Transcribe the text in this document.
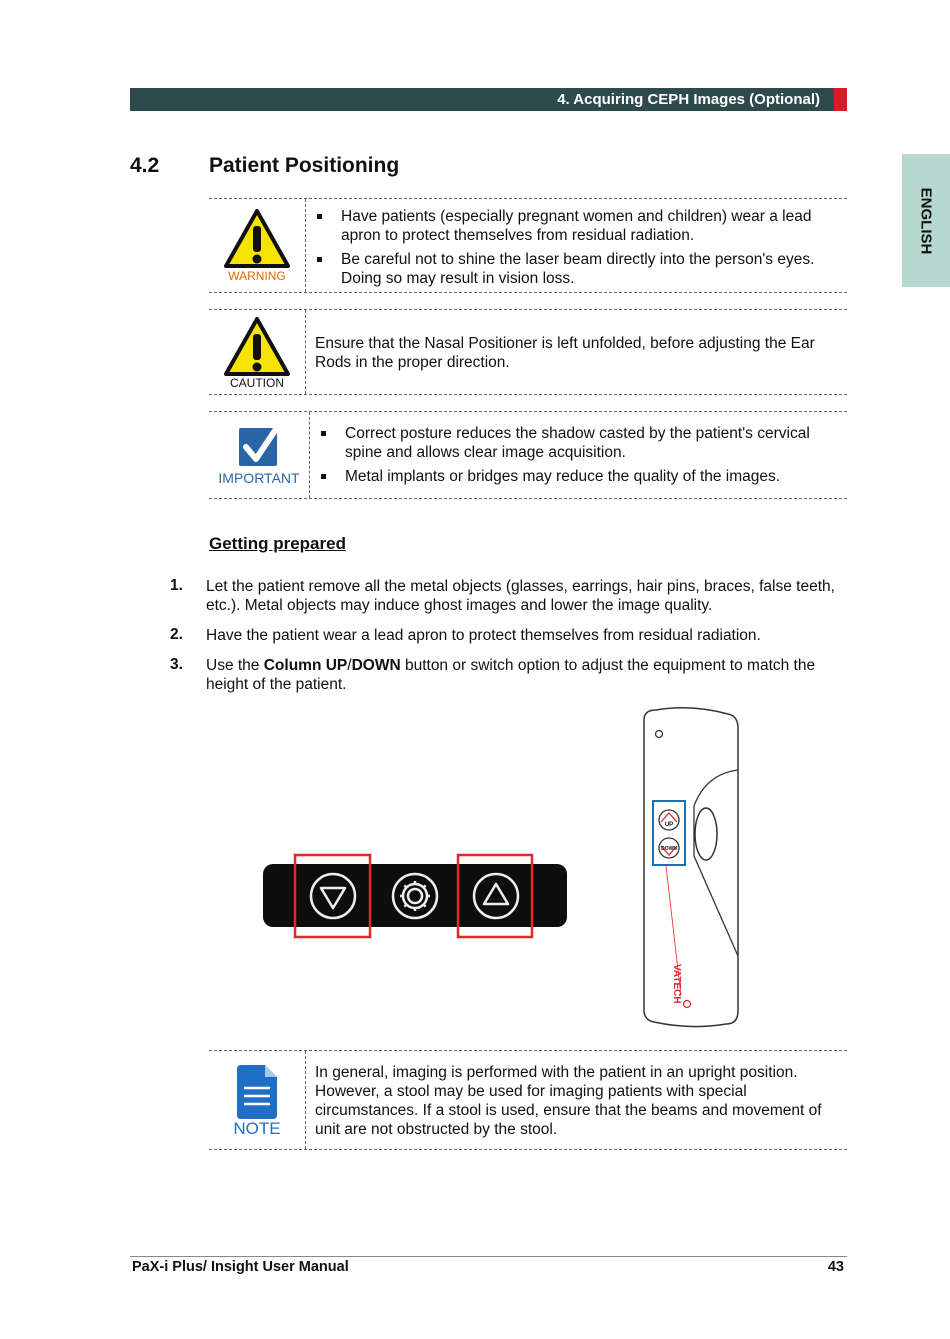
4. Acquiring CEPH Images (Optional)
ENGLISH
4.2 Patient Positioning
WARNING
Have patients (especially pregnant women and children) wear a lead apron to protect themselves from residual radiation.
Be careful not to shine the laser beam directly into the person's eyes. Doing so may result in vision loss.
CAUTION
Ensure that the Nasal Positioner is left unfolded, before adjusting the Ear Rods in the proper direction.
IMPORTANT
Correct posture reduces the shadow casted by the patient's cervical spine and allows clear image acquisition.
Metal implants or bridges may reduce the quality of the images.
Getting prepared
1. Let the patient remove all the metal objects (glasses, earrings, hair pins, braces, false teeth, etc.). Metal objects may induce ghost images and lower the image quality.
2. Have the patient wear a lead apron to protect themselves from residual radiation.
3. Use the Column UP/DOWN button or switch option to adjust the equipment to match the height of the patient.
UP
DOWN
VATECH
NOTE
In general, imaging is performed with the patient in an upright position. However, a stool may be used for imaging patients with special circumstances. If a stool is used, ensure that the beams and movement of unit are not obstructed by the stool.
PaX-i Plus/ Insight User Manual	43
